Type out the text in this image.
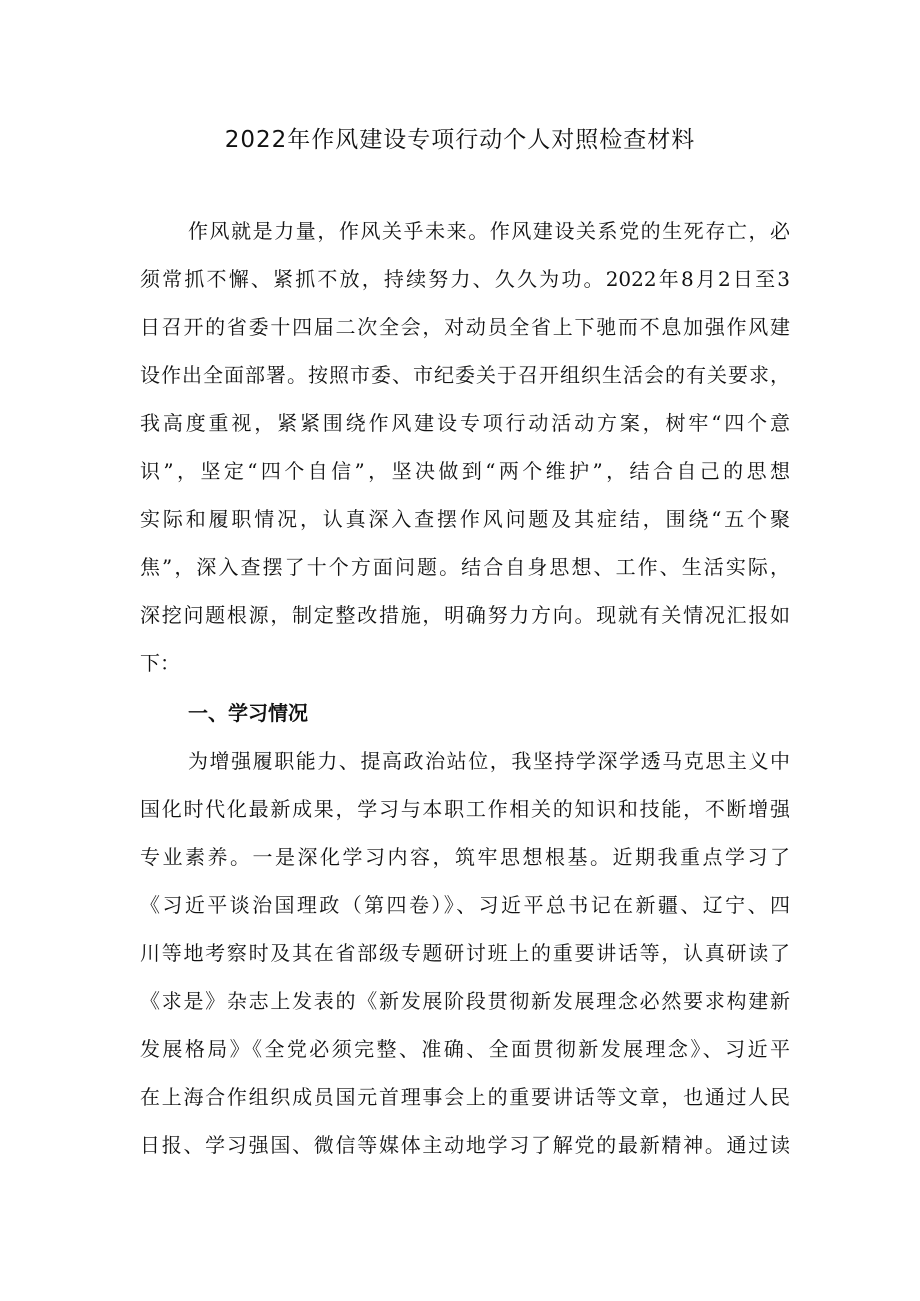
2022年作风建设专项行动个人对照检查材料

作风就是力量，作风关乎未来。作风建设关系党的生死存亡，必

须常抓不懈、紧抓不放，持续努力、久久为功。2022年8月2日至3

日召开的省委十四届二次全会，对动员全省上下驰而不息加强作风建

设作出全面部署。按照市委、市纪委关于召开组织生活会的有关要求，

我高度重视，紧紧围绕作风建设专项行动活动方案，树牢“四个意

识”，坚定“四个自信”，坚决做到“两个维护”，结合自己的思想

实际和履职情况，认真深入查摆作风问题及其症结，围绕“五个聚

焦”，深入查摆了十个方面问题。结合自身思想、工作、生活实际，

深挖问题根源，制定整改措施，明确努力方向。现就有关情况汇报如

下：

一、学习情况

为增强履职能力、提高政治站位，我坚持学深学透马克思主义中

国化时代化最新成果，学习与本职工作相关的知识和技能，不断增强

专业素养。一是深化学习内容，筑牢思想根基。近期我重点学习了

《习近平谈治国理政（第四卷）》、习近平总书记在新疆、辽宁、四

川等地考察时及其在省部级专题研讨班上的重要讲话等，认真研读了

《求是》杂志上发表的《新发展阶段贯彻新发展理念必然要求构建新

发展格局》《全党必须完整、准确、全面贯彻新发展理念》、习近平

在上海合作组织成员国元首理事会上的重要讲话等文章，也通过人民

日报、学习强国、微信等媒体主动地学习了解党的最新精神。通过读
